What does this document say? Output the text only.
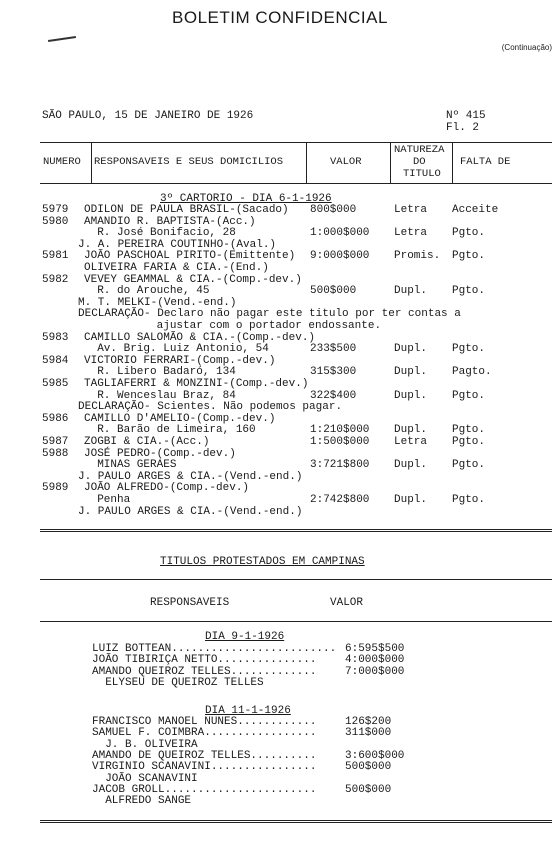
BOLETIM CONFIDENCIAL
(Continuação)
SÃO PAULO, 15 DE JANEIRO DE 1926	Nº 415
Fl. 2
NUMERO RESPONSAVEIS E SEUS DOMICILIOS	VALOR
NATUREZA
DO
TITULO
FALTA DE
3º CARTORIO - DIA 6-1-1926
5979 ODILON DE PAULA BRASIL-(Sacado) 800$000	Letra Acceite
5980 AMANDIO R. BAPTISTA-(Acc.)
R. José Bonifacio, 28	1:000$000 Letra Pgto.
J. A. PEREIRA COUTINHO-(Aval.)
5981 JOÃO PASCHOAL PIRITO-(Emittente) 9:000$000 Promis. Pgto.
OLIVEIRA FARIA & CIA.-(End.)
5982 VEVEY GEAMMAL & CIA.-(Comp.-dev.)
R. do Arouche, 45	500$000	Dupl. Pgto.
M. T. MELKI-(Vend.-end.)
DECLARAÇÃO- Declaro não pagar este titulo por ter contas a
ajustar com o portador endossante.
5983 CAMILLO SALOMÃO & CIA.-(Comp.-dev.)
Av. Brig. Luiz Antonio, 54	233$500	Dupl. Pgto.
5984 VICTORIO FERRARI-(Comp.-dev.)
R. Libero Badaró, 134	315$300	Dupl. Pagto.
5985 TAGLIAFERRI & MONZINI-(Comp.-dev.)
R. Wenceslau Braz, 84	322$400	Dupl. Pgto.
DECLARAÇÃO- Scientes. Não podemos pagar.
5986 CAMILLO D'AMELIO-(Comp.-dev.)
R. Barão de Limeira, 160	1:210$000 Dupl. Pgto.
5987 ZOGBI & CIA.-(Acc.)	1:500$000 Letra Pgto.
5988 JOSÉ PEDRO-(Comp.-dev.)
MINAS GERAES	3:721$800 Dupl. Pgto.
J. PAULO ARGES & CIA.-(Vend.-end.)
5989 JOÃO ALFREDO-(Comp.-dev.)
Penha	2:742$800 Dupl. Pgto.
J. PAULO ARGES & CIA.-(Vend.-end.)
TITULOS PROTESTADOS EM CAMPINAS
RESPONSAVEIS	VALOR
DIA 9-1-1926
LUIZ BOTTEAN......................... 6:595$500
JOÃO TIBIRIÇA NETTO...............	4:000$000
AMANDO QUEIROZ TELLES.............	7:000$000
ELYSEU DE QUEIROZ TELLES
DIA 11-1-1926
FRANCISCO MANOEL NUNES............	126$200
SAMUEL F. COIMBRA.................	311$000
J. B. OLIVEIRA
AMANDO DE QUEIROZ TELLES..........	3:600$000
VIRGINIO SCANAVINI................	500$000
JOÃO SCANAVINI
JACOB GROLL.......................	500$000
ALFREDO SANGE
